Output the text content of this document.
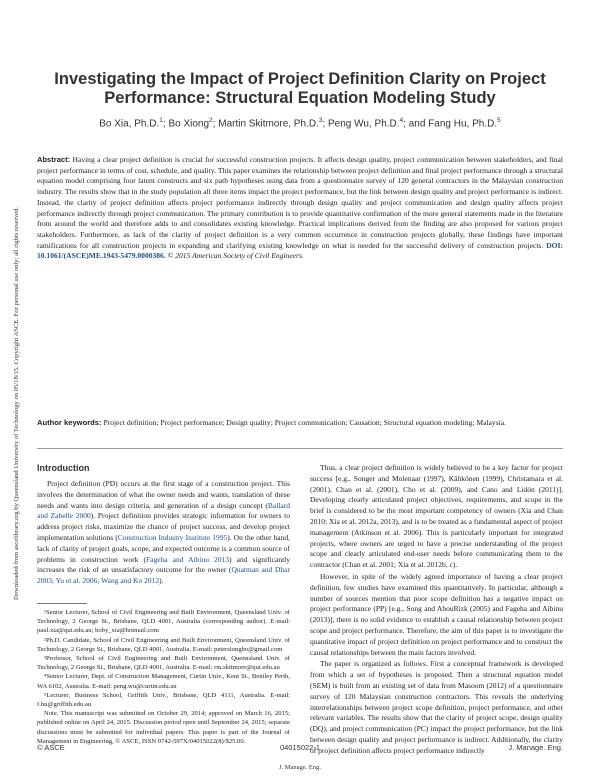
Downloaded from ascelibrary.org by Queensland University of Technology on 05/18/15. Copyright ASCE. For personal use only; all rights reserved.
Investigating the Impact of Project Definition Clarity on Project Performance: Structural Equation Modeling Study
Bo Xia, Ph.D.$^1$; Bo Xiong$^2$; Martin Skitmore, Ph.D.$^3$; Peng Wu, Ph.D.$^4$; and Fang Hu, Ph.D.$^5$
Abstract: Having a clear project definition is crucial for successful construction projects. It affects design quality, project communication between stakeholders, and final project performance in terms of cost, schedule, and quality. This paper examines the relationship between project definition and final project performance through a structural equation model comprising four latent constructs and six path hypotheses using data from a questionnaire survey of 120 general contractors in the Malaysian construction industry. The results show that in the study population all three items impact the project performance, but the link between design quality and project performance is indirect. Instead, the clarity of project definition affects project performance indirectly through design quality and project communication and design quality affects project performance indirectly through project communication. The primary contribution is to provide quantitative confirmation of the more general statements made in the literature from around the world and therefore adds to and consolidates existing knowledge. Practical implications derived from the finding are also proposed for various project stakeholders. Furthermore, as lack of the clarity of project definition is a very common occurrence in construction projects globally, these findings have important ramifications for all construction projects in expanding and clarifying existing knowledge on what is needed for the successful delivery of construction projects. DOI: 10.1061/(ASCE)ME.1943-5479.0000386. © 2015 American Society of Civil Engineers.
Author keywords: Project definition; Project performance; Design quality; Project communication; Causation; Structural equation modeling; Malaysia.
Introduction

Project definition (PD) occurs at the first stage of a construction project. This involves the determination of what the owner needs and wants, translation of these needs and wants into design criteria, and generation of a design concept (Ballard and Zabelle 2000). Project definition provides strategic information for owners to address project risks, maximize the chance of project success, and develop project implementation solutions (Construction Industry Institute 1995). On the other hand, lack of clarity of project goals, scope, and expected outcome is a common source of problems in construction work (Fageha and Aibinu 2013) and significantly increases the risk of an unsatisfactory outcome for the owner (Quatman and Dhar 2003; Yu et al. 2006; Wang and Ko 2012).

Thus, a clear project definition is widely believed to be a key factor for project success [e.g., Songer and Molenaar (1997), Kähkönen (1999), Christamara et al. (2001), Chan et al. (2001), Cho et al. (2009), and Cano and Lidón (2011)]. Developing clearly articulated project objectives, requirements, and scope in the brief is considered to be the most important competency of owners (Xia and Chan 2010; Xia et al. 2012a, 2013), and is to be treated as a fundamental aspect of project management (Atkinson et al. 2006). This is particularly important for integrated projects, where owners are urged to have a precise understanding of the project scope and clearly articulated end-user needs before communicating them to the contractor (Chan et al. 2001; Xia et al. 2012b, c).

However, in spite of the widely agreed importance of having a clear project definition, few studies have examined this quantitatively. In particular, although a number of sources mention that poor scope definition has a negative impact on project performance (PP) [e.g., Song and AbouRizk (2005) and Fageha and Aibinu (2013)], there is no solid evidence to establish a causal relationship between project scope and project performance. Therefore, the aim of this paper is to investigate the quantitative impact of project definition on project performance and to construct the causal relationships between the main factors involved.

The paper is organized as follows. First a conceptual framework is developed from which a set of hypotheses is proposed. Then a structural equation model (SEM) is built from an existing set of data from Masoom (2012) of a questionnaire survey of 120 Malaysian construction contractors. This reveals the underlying interrelationships between project scope definition, project performance, and other relevant variables. The results show that the clarity of project scope, design quality (DQ), and project communication (PC) impact the project performance, but the link between design quality and project performance is indirect. Additionally, the clarity of project definition affects project performance indirectly

¹Senior Lecturer, School of Civil Engineering and Built Environment, Queensland Univ. of Technology, 2 George St., Brisbane, QLD 4001, Australia (corresponding author). E-mail: paul.xia@qut.edu.au; boby_xia@hotmail.com

²Ph.D. Candidate, School of Civil Engineering and Built Environment, Queensland Univ. of Technology, 2 George St., Brisbane, QLD 4001, Australia. E-mail: petersiongbo@gmail.com

³Professor, School of Civil Engineering and Built Environment, Queensland Univ. of Technology, 2 George St., Brisbane, QLD 4001, Australia. E-mail: rm.skitmore@qut.edu.au

⁴Senior Lecturer, Dept. of Construction Management, Curtin Univ., Kent St., Bentley Perth, WA 6102, Australia. E-mail: peng.wu@curtin.edu.au

⁵Lecturer, Business School, Griffith Univ., Brisbane, QLD 4111, Australia. E-mail: f.hu@griffith.edu.au

Note. This manuscript was submitted on October 29, 2014; approved on March 16, 2015; published online on April 24, 2015. Discussion period open until September 24, 2015; separate discussions must be submitted for individual papers. This paper is part of the Journal of Management in Engineering, © ASCE, ISSN 0742-597X/04015022(8)/$25.00.

© ASCE	04015022-1	J. Manage. Eng.
J. Manage. Eng.
